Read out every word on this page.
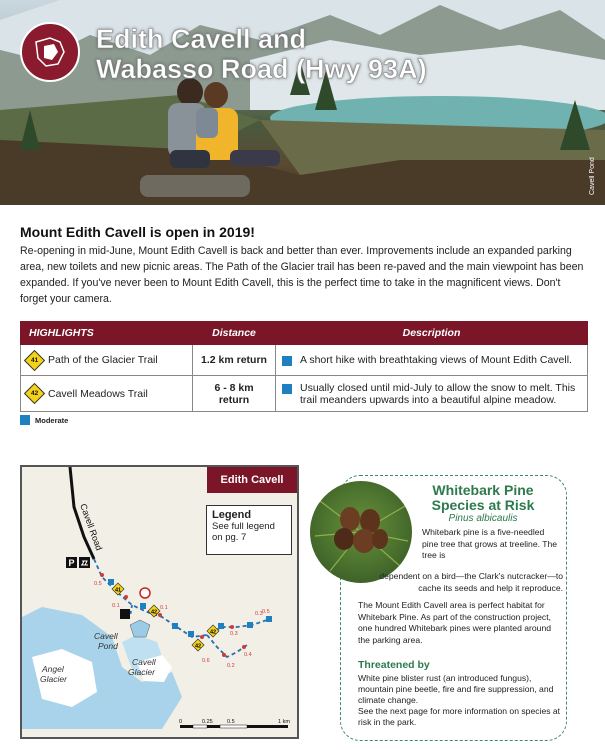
Edith Cavell and
Wabasso Road (Hwy 93A)
Cavell Pond
Mount Edith Cavell is open in 2019!

Re-opening in mid-June, Mount Edith Cavell is back and better than ever. Improvements include an expanded parking area, new toilets and new picnic areas. The Path of the Glacier trail has been re-paved and the main viewpoint has been expanded. If you've never been to Mount Edith Cavell, this is the perfect time to take in the magnificent views. Don't forget your camera.

HIGHLIGHTS	Distance	Description

41 Path of the Glacier Trail	1.2 km return	A short hike with breathtaking views of Mount Edith Cavell.

42 Cavell Meadows Trail	6 - 8 km return	Usually closed until mid-July to allow the snow to melt. This trail meanders upwards into a beautiful alpine meadow.
Moderate
P
41
42
42
42
Cavell Road
Cavell
Pond
Angel
Glacier
Cavell
Glacier
0.5
0.1	0.1
0.3
0.6
0.3 0.5
0.2
0.4
0	0.25	0.5	1 km
Edith Cavell
Legend
See full legend on pg. 7
Whitebark Pine Species at Risk
Pinus albicaulis
Whitebark pine is a five-needled pine tree that grows at treeline. The tree is
dependent on a bird—the Clark's nutcracker—to cache its seeds and help it reproduce.
The Mount Edith Cavell area is perfect habitat for Whitebark Pine. As part of the construction project, one hundred Whitebark pines were planted around the parking area.
Threatened by
White pine blister rust (an introduced fungus), mountain pine beetle, fire and fire suppression, and climate change.
See the next page for more information on species at risk in the park.
